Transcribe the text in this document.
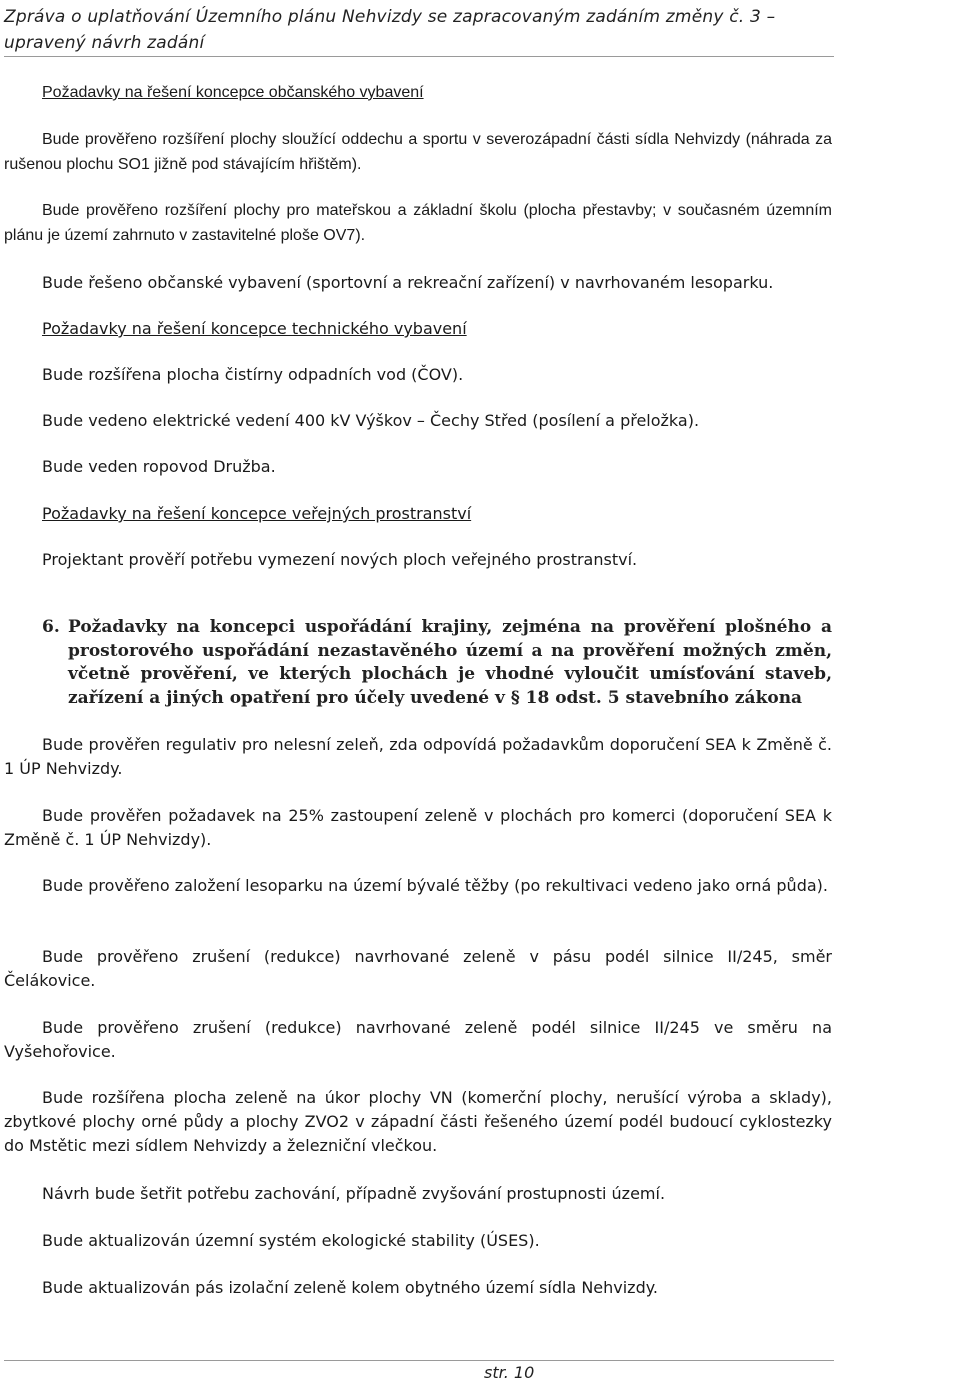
Zpráva o uplatňování Územního plánu Nehvizdy se zapracovaným zadáním změny č. 3 – upravený návrh zadání

Požadavky na řešení koncepce občanského vybavení

Bude prověřeno rozšíření plochy sloužící oddechu a sportu v severozápadní části sídla Nehvizdy (náhrada za rušenou plochu SO1 jižně pod stávajícím hřištěm).

Bude prověřeno rozšíření plochy pro mateřskou a základní školu (plocha přestavby; v současném územním plánu je území zahrnuto v zastavitelné ploše OV7).

Bude řešeno občanské vybavení (sportovní a rekreační zařízení) v navrhovaném lesoparku.

Požadavky na řešení koncepce technického vybavení

Bude rozšířena plocha čistírny odpadních vod (ČOV).

Bude vedeno elektrické vedení 400 kV Výškov – Čechy Střed (posílení a přeložka).

Bude veden ropovod Družba.

Požadavky na řešení koncepce veřejných prostranství

Projektant prověří potřebu vymezení nových ploch veřejného prostranství.

6. Požadavky na koncepci uspořádání krajiny, zejména na prověření plošného a prostorového uspořádání nezastavěného území a na prověření možných změn, včetně prověření, ve kterých plochách je vhodné vyloučit umísťování staveb, zařízení a jiných opatření pro účely uvedené v § 18 odst. 5 stavebního zákona

Bude prověřen regulativ pro nelesní zeleň, zda odpovídá požadavkům doporučení SEA k Změně č. 1 ÚP Nehvizdy.

Bude prověřen požadavek na 25% zastoupení zeleně v plochách pro komerci (doporučení SEA k Změně č. 1 ÚP Nehvizdy).

Bude prověřeno založení lesoparku na území bývalé těžby (po rekultivaci vedeno jako orná půda).

Bude prověřeno zrušení (redukce) navrhované zeleně v pásu podél silnice II/245, směr Čelákovice.

Bude prověřeno zrušení (redukce) navrhované zeleně podél silnice II/245 ve směru na Vyšehořovice.

Bude rozšířena plocha zeleně na úkor plochy VN (komerční plochy, nerušící výroba a sklady), zbytkové plochy orné půdy a plochy ZVO2 v západní části řešeného území podél budoucí cyklostezky do Mstětic mezi sídlem Nehvizdy a železniční vlečkou.

Návrh bude šetřit potřebu zachování, případně zvyšování prostupnosti území.

Bude aktualizován územní systém ekologické stability (ÚSES).

Bude aktualizován pás izolační zeleně kolem obytného území sídla Nehvizdy.

str. 10
